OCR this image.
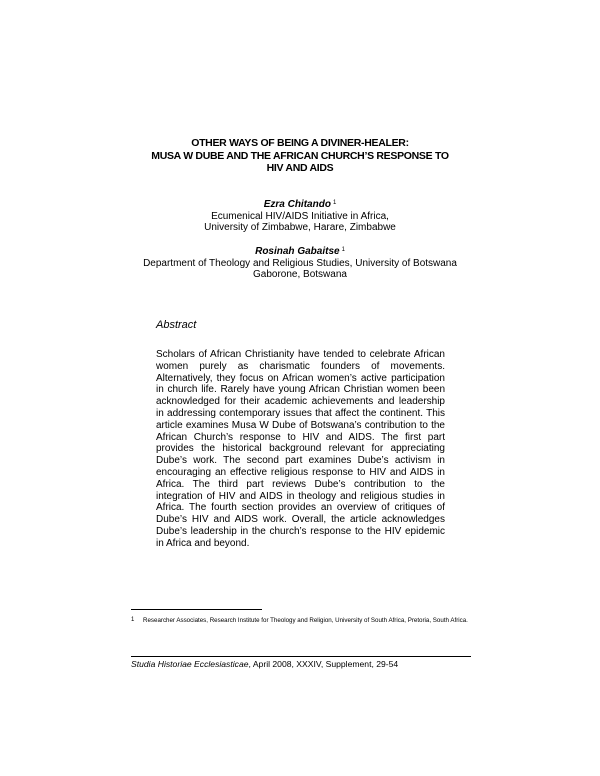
OTHER WAYS OF BEING A DIVINER-HEALER:
MUSA W DUBE AND THE AFRICAN CHURCH’S RESPONSE TO
HIV AND AIDS
Ezra Chitando $^1$
Ecumenical HIV/AIDS Initiative in Africa,
University of Zimbabwe, Harare, Zimbabwe
Rosinah Gabaitse $^1$
Department of Theology and Religious Studies, University of Botswana
Gaborone, Botswana
Abstract
Scholars of African Christianity have tended to celebrate African women purely as charismatic founders of movements. Alternatively, they focus on African women’s active participation in church life. Rarely have young African Christian women been acknowledged for their academic achievements and leadership in addressing contemporary issues that affect the continent. This article examines Musa W Dube of Botswana’s contribution to the African Church’s response to HIV and AIDS. The first part provides the historical background relevant for appreciating Dube’s work. The second part examines Dube’s activism in encouraging an effective religious response to HIV and AIDS in Africa. The third part reviews Dube’s contribution to the integration of HIV and AIDS in theology and religious studies in Africa. The fourth section provides an overview of critiques of Dube’s HIV and AIDS work. Overall, the article acknowledges Dube’s leadership in the church’s response to the HIV epidemic in Africa and beyond.
1 Researcher Associates, Research Institute for Theology and Religion, University of South Africa, Pretoria, South Africa.
Studia Historiae Ecclesiasticae, April 2008, XXXIV, Supplement, 29-54
